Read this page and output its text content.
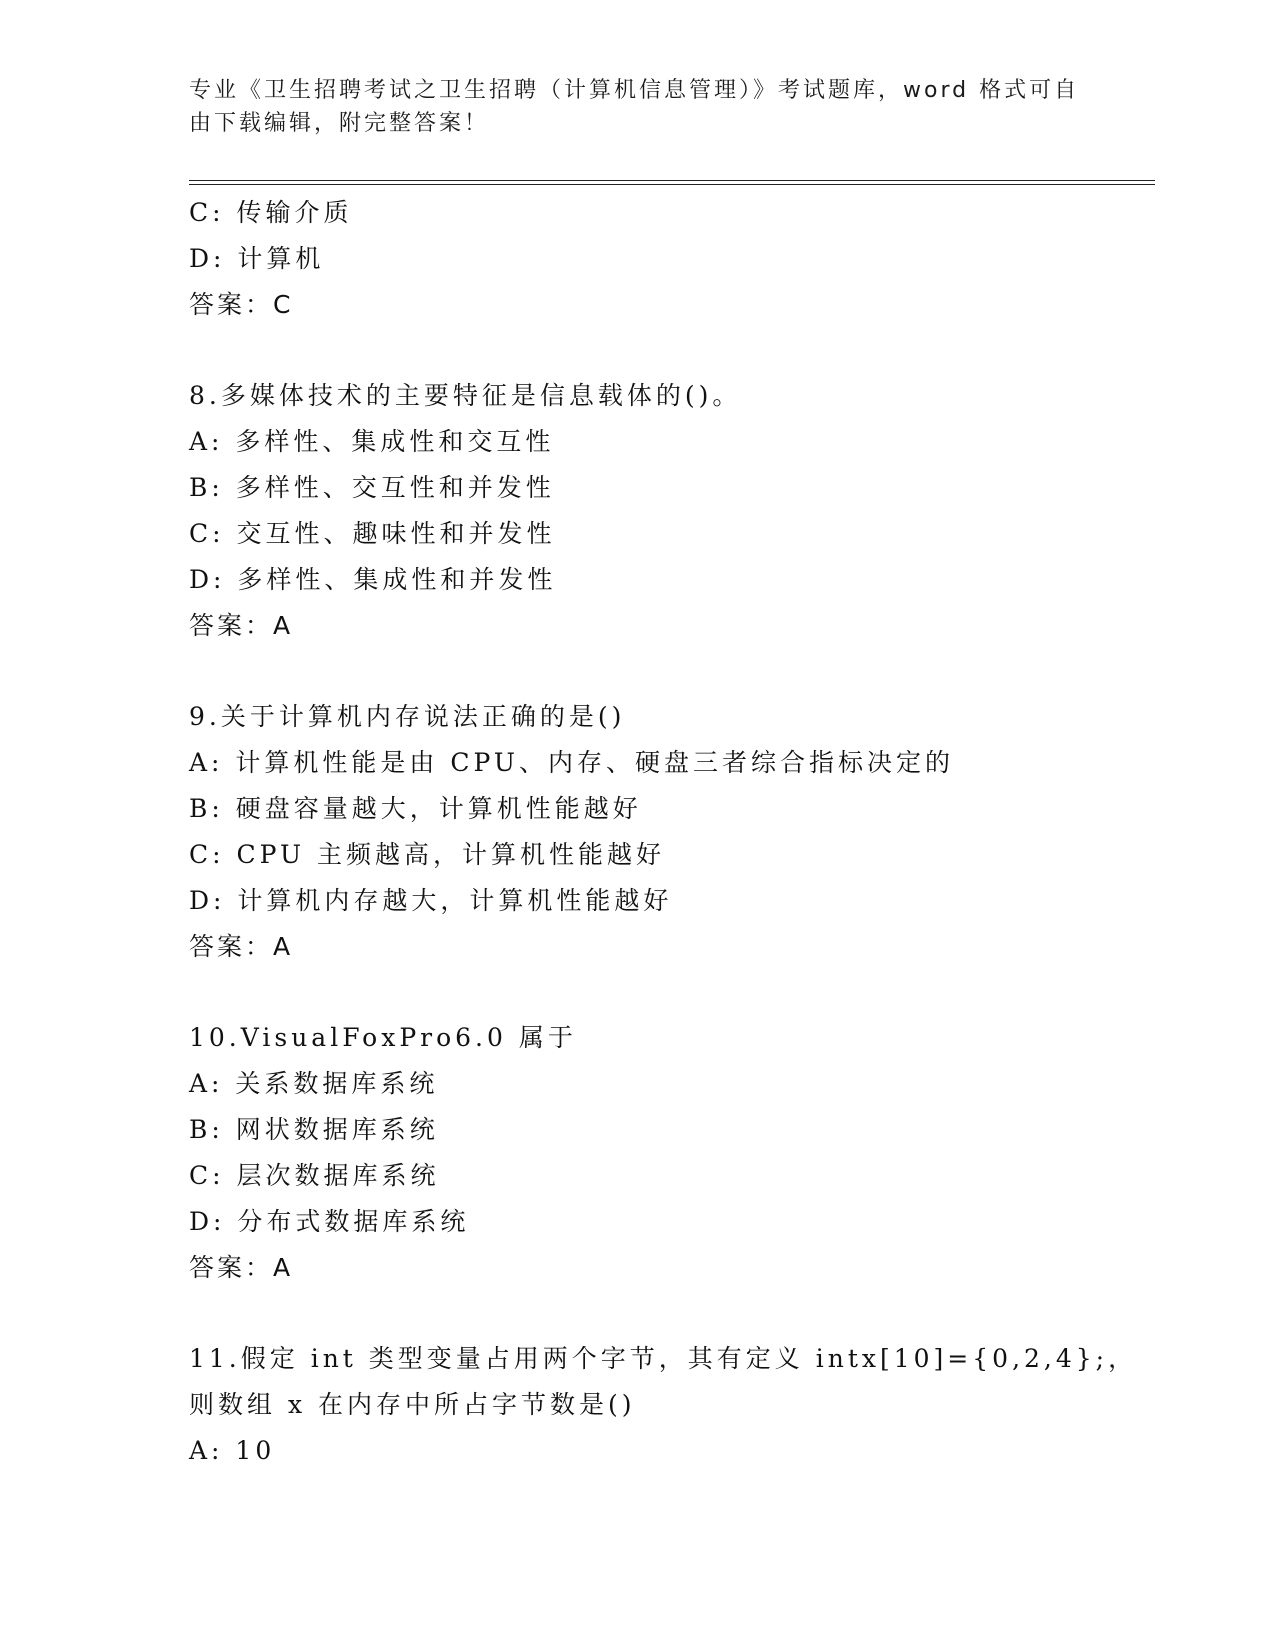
专业《卫生招聘考试之卫生招聘（计算机信息管理）》考试题库，word 格式可自
由下载编辑，附完整答案！
C: 传输介质
D: 计算机
答案：C
8.多媒体技术的主要特征是信息载体的()。
A: 多样性、集成性和交互性
B: 多样性、交互性和并发性
C: 交互性、趣味性和并发性
D: 多样性、集成性和并发性
答案：A
9.关于计算机内存说法正确的是()
A: 计算机性能是由 CPU、内存、硬盘三者综合指标决定的
B: 硬盘容量越大，计算机性能越好
C: CPU 主频越高，计算机性能越好
D: 计算机内存越大，计算机性能越好
答案：A
10.VisualFoxPro6.0 属于
A: 关系数据库系统
B: 网状数据库系统
C: 层次数据库系统
D: 分布式数据库系统
答案：A
11.假定 int 类型变量占用两个字节，其有定义 intx[10]={0,2,4};，
则数组 x 在内存中所占字节数是()
A: 10
